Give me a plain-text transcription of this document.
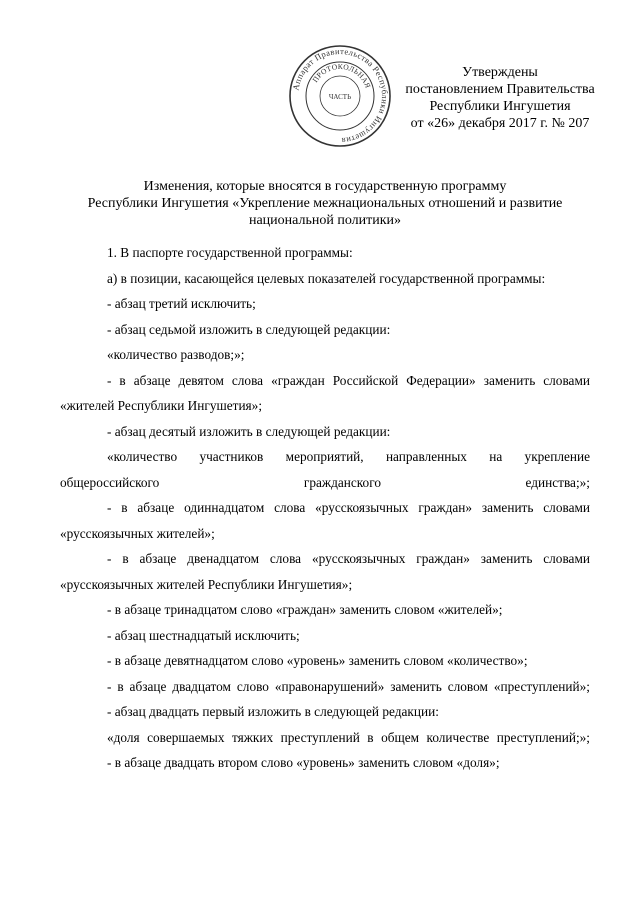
Аппарат Правительства Республики Ингушетия
ПРОТОКОЛЬНАЯ
ЧАСТЬ
Утверждены
постановлением Правительства
Республики Ингушетия
от «26» декабря 2017 г. № 207
Изменения, которые вносятся в государственную программу
Республики Ингушетия «Укрепление межнациональных отношений и развитие
национальной политики»

1. В паспорте государственной программы:

а) в позиции, касающейся целевых показателей государственной программы:

- абзац третий исключить;

- абзац седьмой изложить в следующей редакции:

«количество разводов;»;

- в абзаце девятом слова «граждан Российской Федерации» заменить словами «жителей Республики Ингушетия»;

- абзац десятый изложить в следующей редакции:

«количество участников мероприятий, направленных на укрепление общероссийского гражданского единства;»;

- в абзаце одиннадцатом слова «русскоязычных граждан» заменить словами «русскоязычных жителей»;

- в абзаце двенадцатом слова «русскоязычных граждан» заменить словами «русскоязычных жителей Республики Ингушетия»;

- в абзаце тринадцатом слово «граждан» заменить словом «жителей»;

- абзац шестнадцатый исключить;

- в абзаце девятнадцатом слово «уровень» заменить словом «количество»;

- в абзаце двадцатом слово «правонарушений» заменить словом «преступлений»;

- абзац двадцать первый изложить в следующей редакции:

«доля совершаемых тяжких преступлений в общем количестве преступлений;»;

- в абзаце двадцать втором слово «уровень» заменить словом «доля»;
